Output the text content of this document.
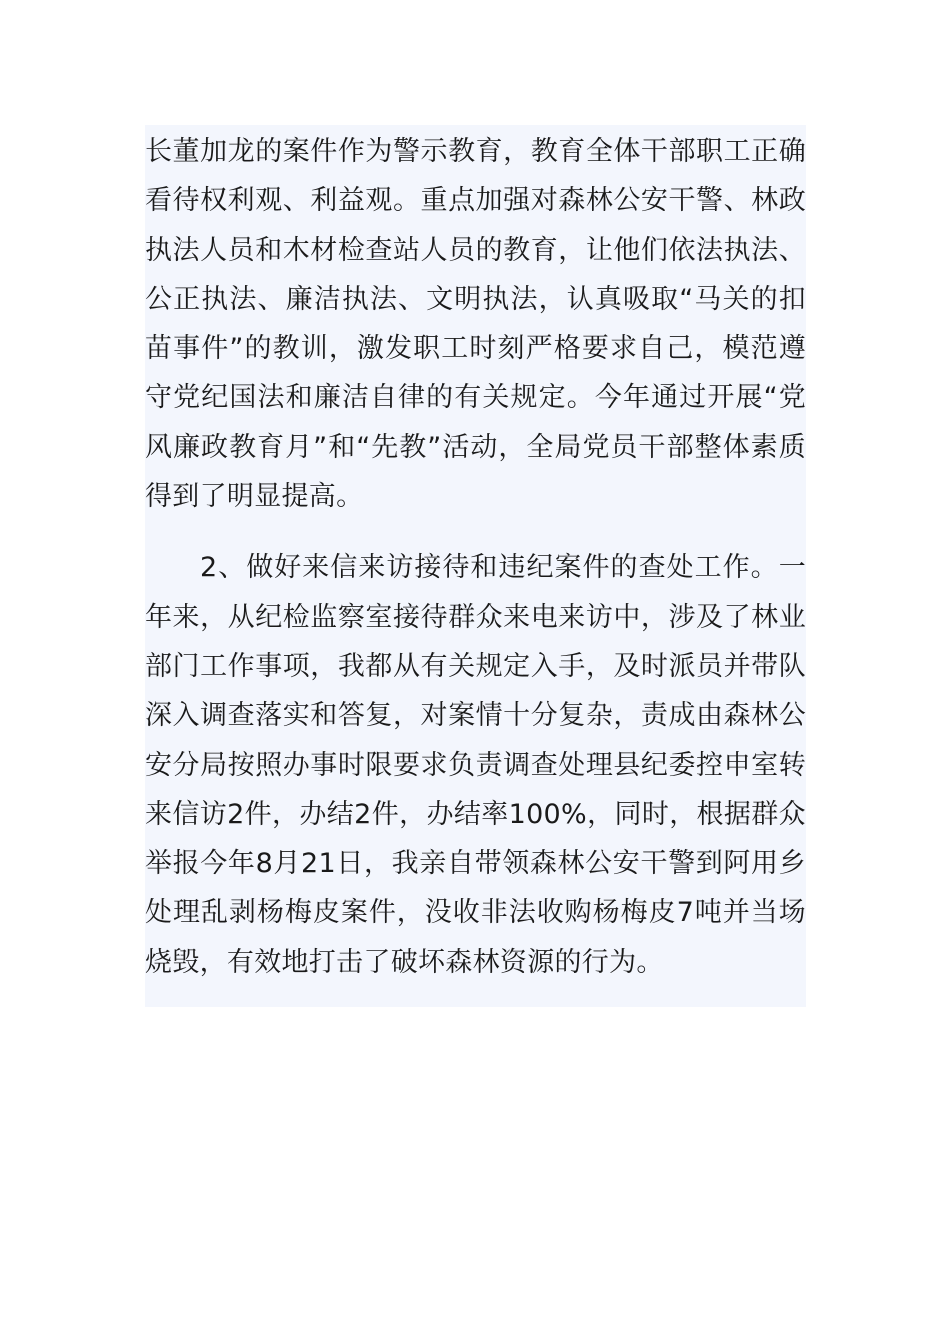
长董加龙的案件作为警示教育，教育全体干部职工正确看待权利观、利益观。重点加强对森林公安干警、林政执法人员和木材检查站人员的教育，让他们依法执法、公正执法、廉洁执法、文明执法，认真吸取“马关的扣苗事件”的教训，激发职工时刻严格要求自己，模范遵守党纪国法和廉洁自律的有关规定。今年通过开展“党风廉政教育月”和“先教”活动，全局党员干部整体素质得到了明显提高。

2、做好来信来访接待和违纪案件的查处工作。一年来，从纪检监察室接待群众来电来访中，涉及了林业部门工作事项，我都从有关规定入手，及时派员并带队深入调查落实和答复，对案情十分复杂，责成由森林公安分局按照办事时限要求负责调查处理县纪委控申室转来信访2件，办结2件，办结率100%，同时，根据群众举报今年8月21日，我亲自带领森林公安干警到阿用乡处理乱剥杨梅皮案件，没收非法收购杨梅皮7吨并当场烧毁，有效地打击了破坏森林资源的行为。
